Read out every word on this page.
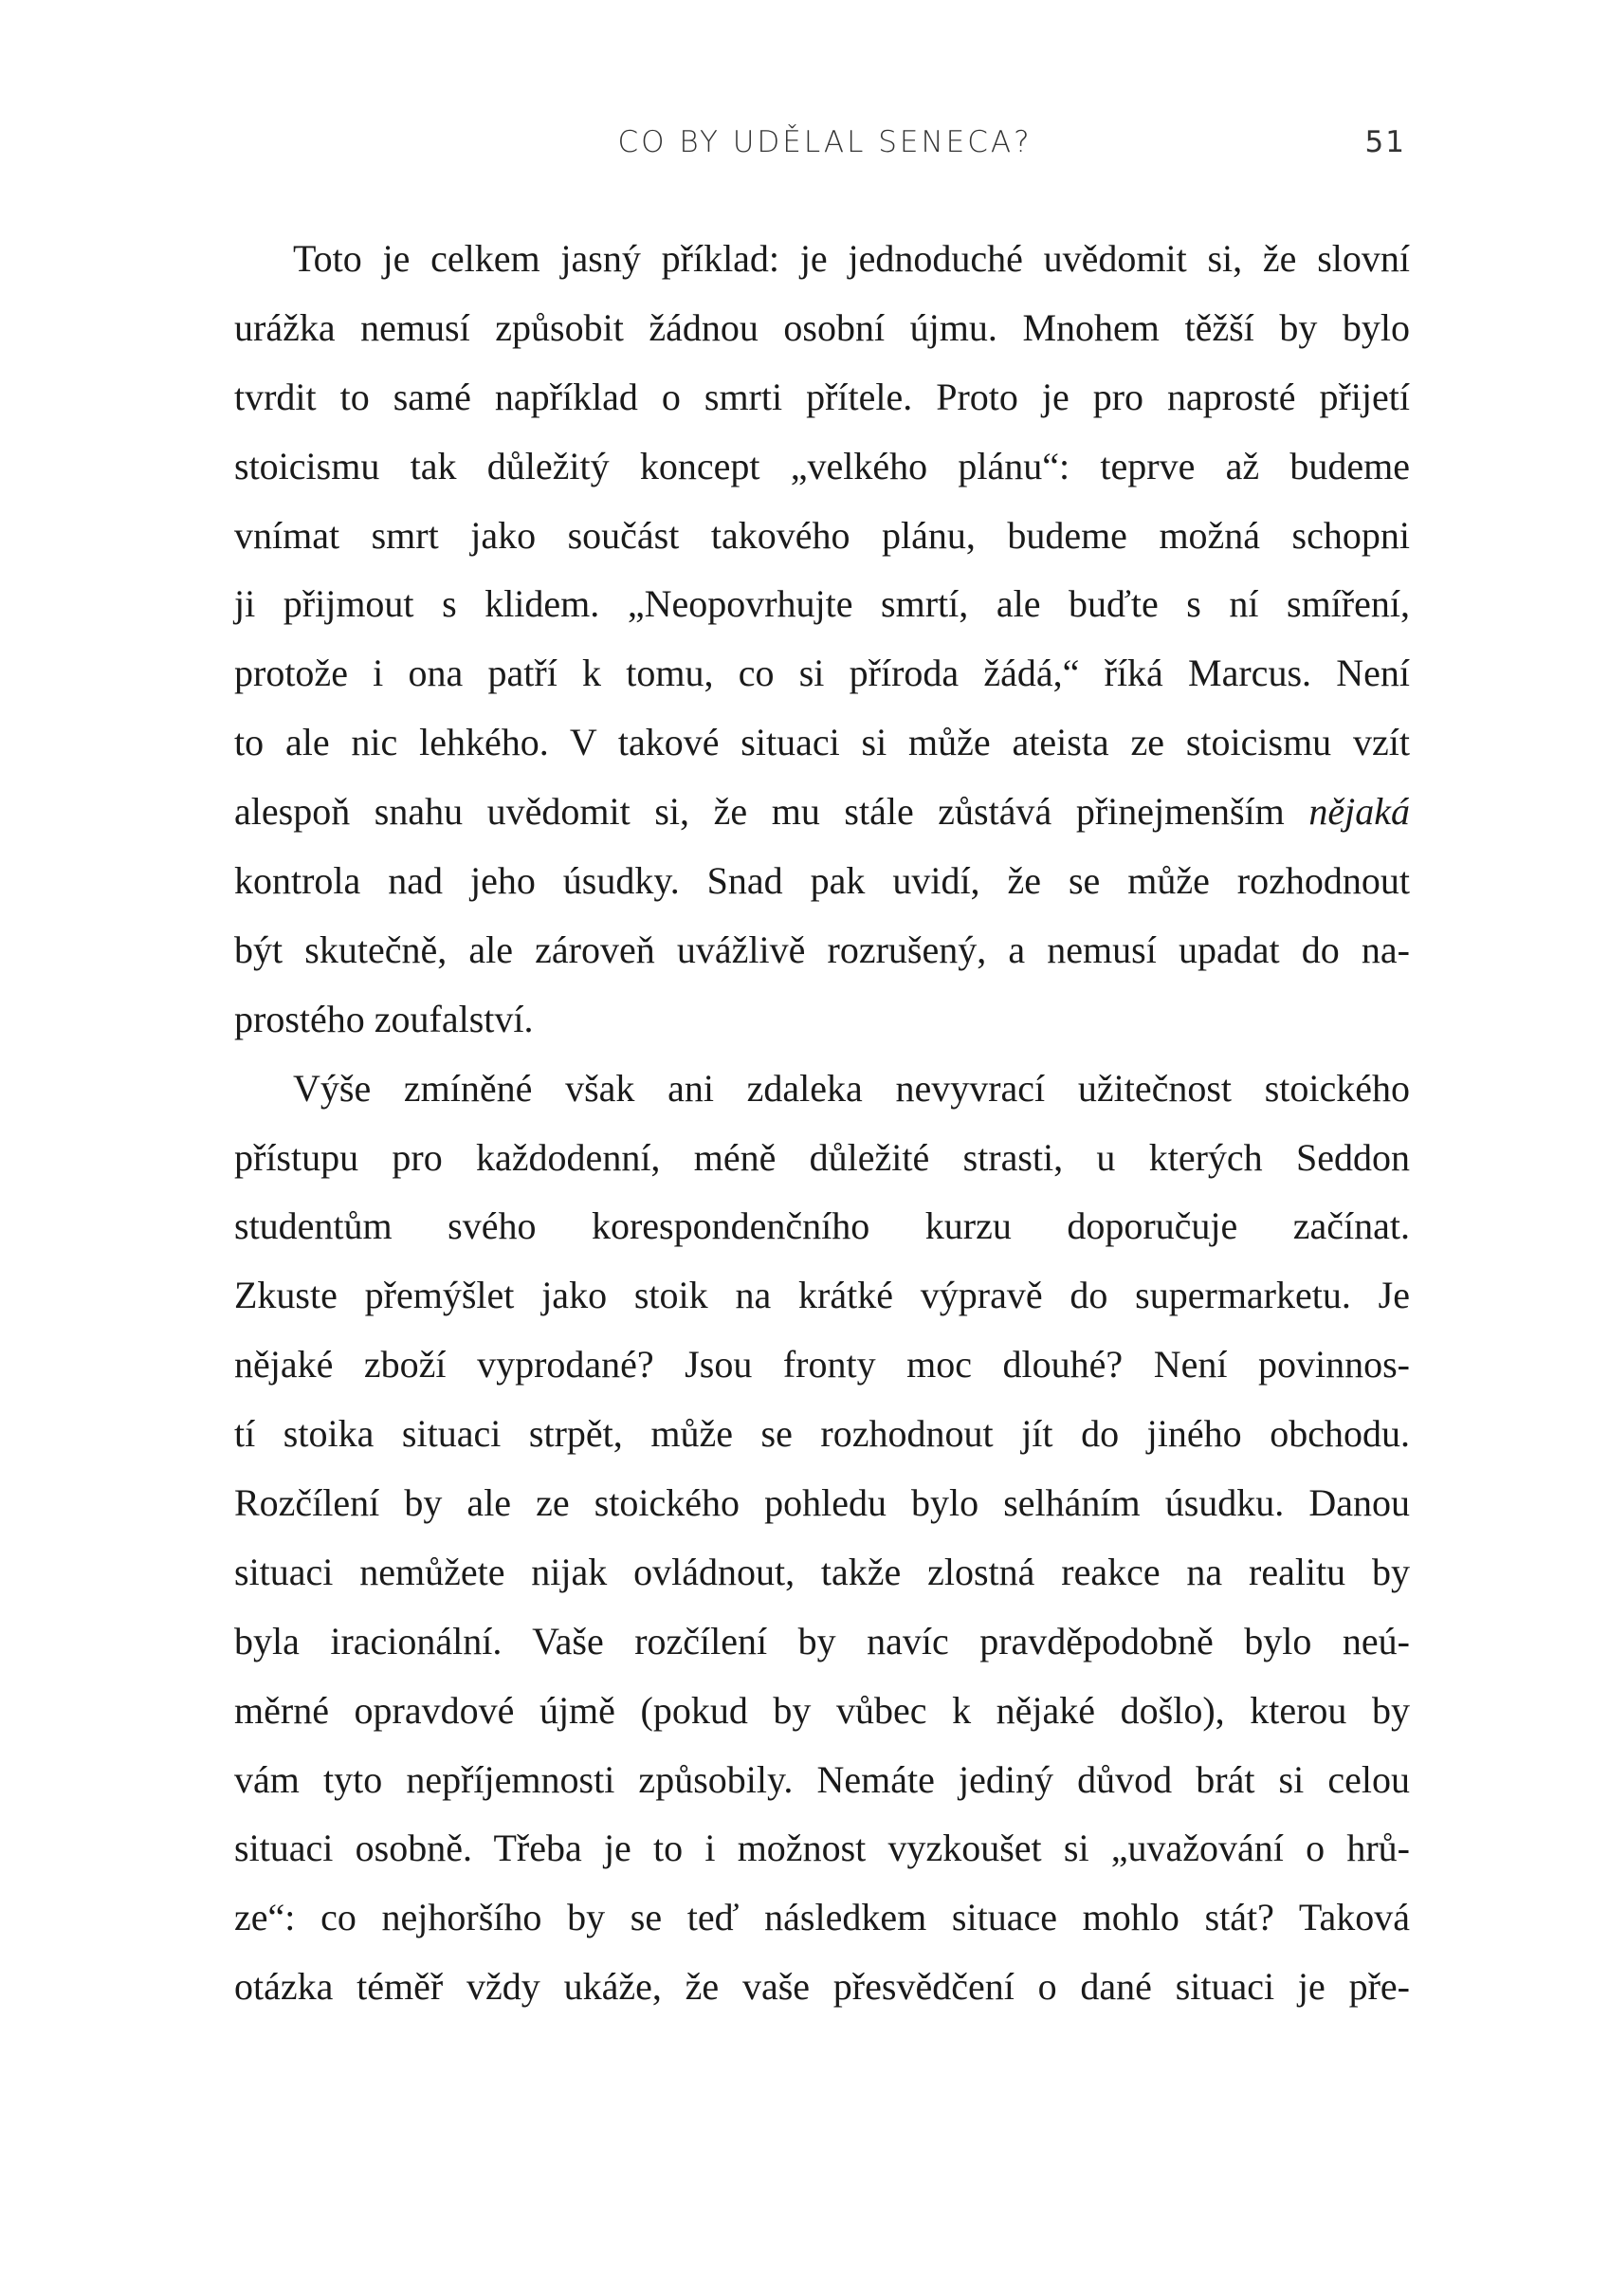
CO BY UDĚLAL SENECA?	51
Toto je celkem jasný příklad: je jednoduché uvědomit si, že slovní
urážka nemusí způsobit žádnou osobní újmu. Mnohem těžší by bylo
tvrdit to samé například o smrti přítele. Proto je pro naprosté přijetí
stoicismu tak důležitý koncept „velkého plánu“: teprve až budeme
vnímat smrt jako součást takového plánu, budeme možná schopni
ji přijmout s klidem. „Neopovrhujte smrtí, ale buďte s ní smíření,
protože i ona patří k tomu, co si příroda žádá,“ říká Marcus. Není
to ale nic lehkého. V takové situaci si může ateista ze stoicismu vzít
alespoň snahu uvědomit si, že mu stále zůstává přinejmenším nějaká
kontrola nad jeho úsudky. Snad pak uvidí, že se může rozhodnout
být skutečně, ale zároveň uvážlivě rozrušený, a nemusí upadat do na-
prostého zoufalství.
Výše zmíněné však ani zdaleka nevyvrací užitečnost stoického
přístupu pro každodenní, méně důležité strasti, u kterých Seddon
studentům svého korespondenčního kurzu doporučuje začínat.
Zkuste přemýšlet jako stoik na krátké výpravě do supermarketu. Je
nějaké zboží vyprodané? Jsou fronty moc dlouhé? Není povinnos-
tí stoika situaci strpět, může se rozhodnout jít do jiného obchodu.
Rozčílení by ale ze stoického pohledu bylo selháním úsudku. Danou
situaci nemůžete nijak ovládnout, takže zlostná reakce na realitu by
byla iracionální. Vaše rozčílení by navíc pravděpodobně bylo neú-
měrné opravdové újmě (pokud by vůbec k nějaké došlo), kterou by
vám tyto nepříjemnosti způsobily. Nemáte jediný důvod brát si celou
situaci osobně. Třeba je to i možnost vyzkoušet si „uvažování o hrů-
ze“: co nejhoršího by se teď následkem situace mohlo stát? Taková
otázka téměř vždy ukáže, že vaše přesvědčení o dané situaci je pře-
